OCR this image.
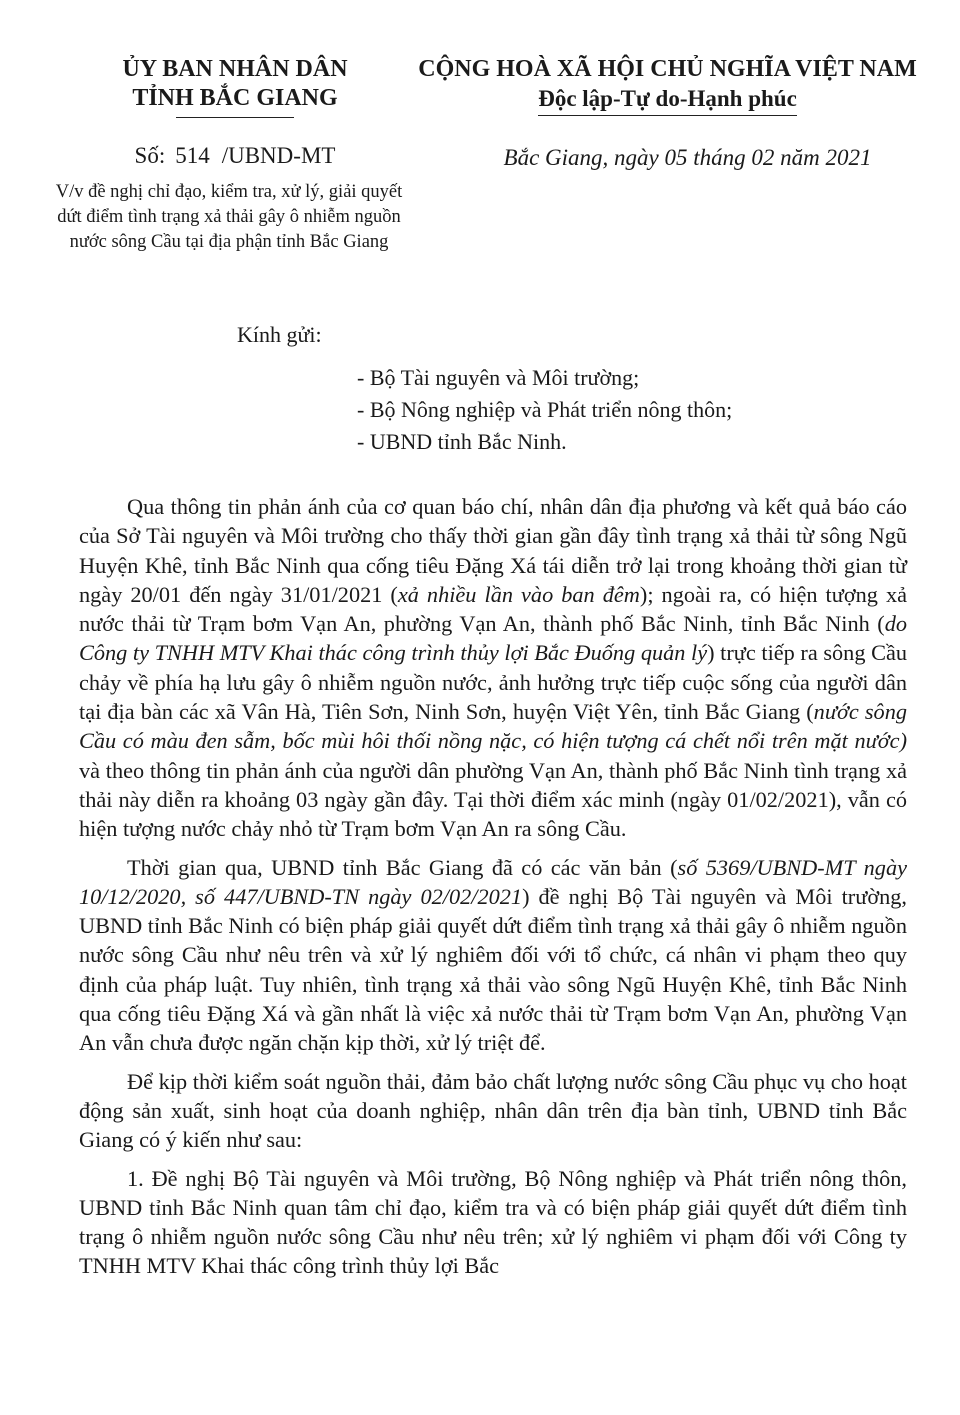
ỦY BAN NHÂN DÂN
TỈNH BẮC GIANG
CỘNG HOÀ XÃ HỘI CHỦ NGHĨA VIỆT NAM
Độc lập-Tự do-Hạnh phúc
Số: 514 /UBND-MT	Bắc Giang, ngày 05 tháng 02 năm 2021
V/v đề nghị chỉ đạo, kiểm tra, xử lý, giải quyết dứt điểm tình trạng xả thải gây ô nhiễm nguồn nước sông Cầu tại địa phận tỉnh Bắc Giang
Kính gửi:
- Bộ Tài nguyên và Môi trường;
- Bộ Nông nghiệp và Phát triển nông thôn;
- UBND tỉnh Bắc Ninh.

Qua thông tin phản ánh của cơ quan báo chí, nhân dân địa phương và kết quả báo cáo của Sở Tài nguyên và Môi trường cho thấy thời gian gần đây tình trạng xả thải từ sông Ngũ Huyện Khê, tỉnh Bắc Ninh qua cống tiêu Đặng Xá tái diễn trở lại trong khoảng thời gian từ ngày 20/01 đến ngày 31/01/2021 (xả nhiều lần vào ban đêm); ngoài ra, có hiện tượng xả nước thải từ Trạm bơm Vạn An, phường Vạn An, thành phố Bắc Ninh, tỉnh Bắc Ninh (do Công ty TNHH MTV Khai thác công trình thủy lợi Bắc Đuống quản lý) trực tiếp ra sông Cầu chảy về phía hạ lưu gây ô nhiễm nguồn nước, ảnh hưởng trực tiếp cuộc sống của người dân tại địa bàn các xã Vân Hà, Tiên Sơn, Ninh Sơn, huyện Việt Yên, tỉnh Bắc Giang (nước sông Cầu có màu đen sẫm, bốc mùi hôi thối nồng nặc, có hiện tượng cá chết nổi trên mặt nước) và theo thông tin phản ánh của người dân phường Vạn An, thành phố Bắc Ninh tình trạng xả thải này diễn ra khoảng 03 ngày gần đây. Tại thời điểm xác minh (ngày 01/02/2021), vẫn có hiện tượng nước chảy nhỏ từ Trạm bơm Vạn An ra sông Cầu.

Thời gian qua, UBND tỉnh Bắc Giang đã có các văn bản (số 5369/UBND-MT ngày 10/12/2020, số 447/UBND-TN ngày 02/02/2021) đề nghị Bộ Tài nguyên và Môi trường, UBND tỉnh Bắc Ninh có biện pháp giải quyết dứt điểm tình trạng xả thải gây ô nhiễm nguồn nước sông Cầu như nêu trên và xử lý nghiêm đối với tổ chức, cá nhân vi phạm theo quy định của pháp luật. Tuy nhiên, tình trạng xả thải vào sông Ngũ Huyện Khê, tỉnh Bắc Ninh qua cống tiêu Đặng Xá và gần nhất là việc xả nước thải từ Trạm bơm Vạn An, phường Vạn An vẫn chưa được ngăn chặn kịp thời, xử lý triệt để.

Để kịp thời kiểm soát nguồn thải, đảm bảo chất lượng nước sông Cầu phục vụ cho hoạt động sản xuất, sinh hoạt của doanh nghiệp, nhân dân trên địa bàn tỉnh, UBND tỉnh Bắc Giang có ý kiến như sau:

1. Đề nghị Bộ Tài nguyên và Môi trường, Bộ Nông nghiệp và Phát triển nông thôn, UBND tỉnh Bắc Ninh quan tâm chỉ đạo, kiểm tra và có biện pháp giải quyết dứt điểm tình trạng ô nhiễm nguồn nước sông Cầu như nêu trên; xử lý nghiêm vi phạm đối với Công ty TNHH MTV Khai thác công trình thủy lợi Bắc
